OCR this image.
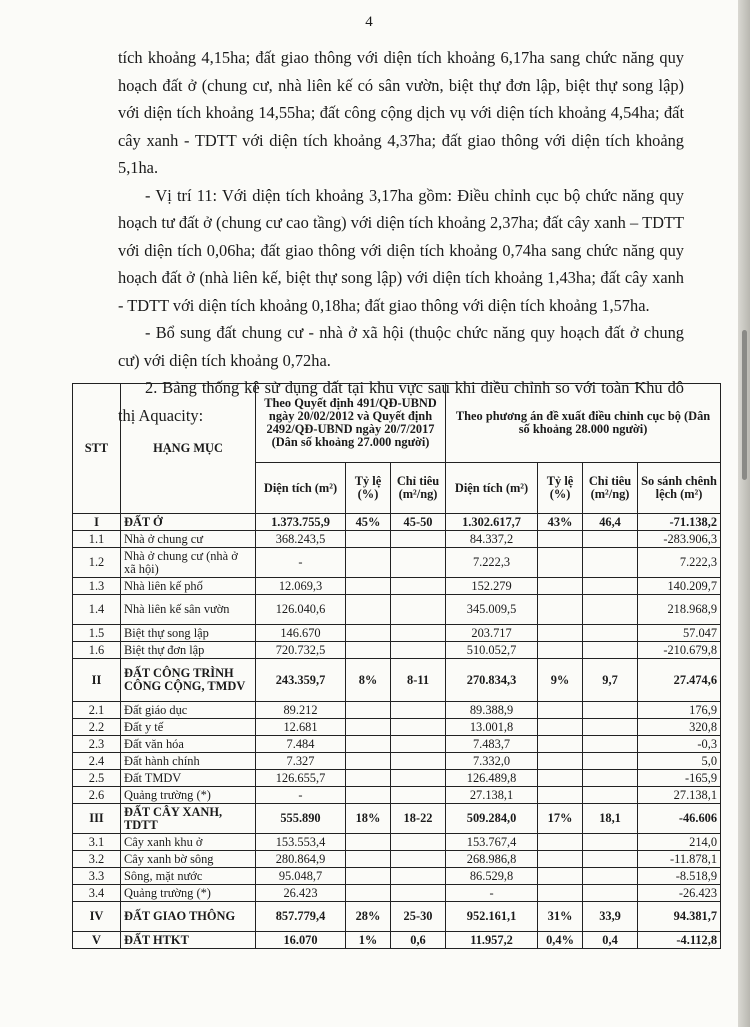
4

tích khoảng 4,15ha; đất giao thông với diện tích khoảng 6,17ha sang chức năng quy hoạch đất ở (chung cư, nhà liên kế có sân vườn, biệt thự đơn lập, biệt thự song lập) với diện tích khoảng 14,55ha; đất công cộng dịch vụ với diện tích khoảng 4,54ha; đất cây xanh - TDTT với diện tích khoảng 4,37ha; đất giao thông với diện tích khoảng 5,1ha.

- Vị trí 11: Với diện tích khoảng 3,17ha gồm: Điều chỉnh cục bộ chức năng quy hoạch tư đất ở (chung cư cao tầng) với diện tích khoảng 2,37ha; đất cây xanh – TDTT với diện tích 0,06ha; đất giao thông với diện tích khoảng 0,74ha sang chức năng quy hoạch đất ở (nhà liên kế, biệt thự song lập) với diện tích khoảng 1,43ha; đất cây xanh - TDTT với diện tích khoảng 0,18ha; đất giao thông với diện tích khoảng 1,57ha.

- Bổ sung đất chung cư - nhà ở xã hội (thuộc chức năng quy hoạch đất ở chung cư) với diện tích khoảng 0,72ha.

2. Bảng thống kê sử dụng đất tại khu vực sau khi điều chỉnh so với toàn Khu đô thị Aquacity:

STT	HẠNG MỤC	Theo Quyết định 491/QĐ-UBND ngày 20/02/2012 và Quyết định 2492/QĐ-UBND ngày 20/7/2017 (Dân số khoảng 27.000 người)			Theo phương án đề xuất điều chỉnh cục bộ (Dân số khoảng 28.000 người)			
		Diện tích (m²)	Tỷ lệ (%)	Chỉ tiêu (m²/ng)	Diện tích (m²)	Tỷ lệ (%)	Chỉ tiêu (m²/ng)	So sánh chênh lệch (m²)
I	ĐẤT Ở	1.373.755,9	45%	45-50	1.302.617,7	43%	46,4	-71.138,2
1.1	Nhà ở chung cư	368.243,5			84.337,2			-283.906,3
1.2	Nhà ở chung cư (nhà ở xã hội)	-			7.222,3			7.222,3
1.3	Nhà liên kế phố	12.069,3			152.279			140.209,7
1.4	Nhà liên kế sân vườn	126.040,6			345.009,5			218.968,9
1.5	Biệt thự song lập	146.670			203.717			57.047
1.6	Biệt thự đơn lập	720.732,5			510.052,7			-210.679,8
II	ĐẤT CÔNG TRÌNH CÔNG CỘNG, TMDV	243.359,7	8%	8-11	270.834,3	9%	9,7	27.474,6
2.1	Đất giáo dục	89.212			89.388,9			176,9
2.2	Đất y tế	12.681			13.001,8			320,8
2.3	Đất văn hóa	7.484			7.483,7			-0,3
2.4	Đất hành chính	7.327			7.332,0			5,0
2.5	Đất TMDV	126.655,7			126.489,8			-165,9
2.6	Quảng trường (*)	-			27.138,1			27.138,1
III	ĐẤT CÂY XANH, TDTT	555.890	18%	18-22	509.284,0	17%	18,1	-46.606
3.1	Cây xanh khu ở	153.553,4			153.767,4			214,0
3.2	Cây xanh bờ sông	280.864,9			268.986,8			-11.878,1
3.3	Sông, mặt nước	95.048,7			86.529,8			-8.518,9
3.4	Quảng trường (*)	26.423			-			-26.423
IV	ĐẤT GIAO THÔNG	857.779,4	28%	25-30	952.161,1	31%	33,9	94.381,7
V	ĐẤT HTKT	16.070	1%	0,6	11.957,2	0,4%	0,4	-4.112,8
